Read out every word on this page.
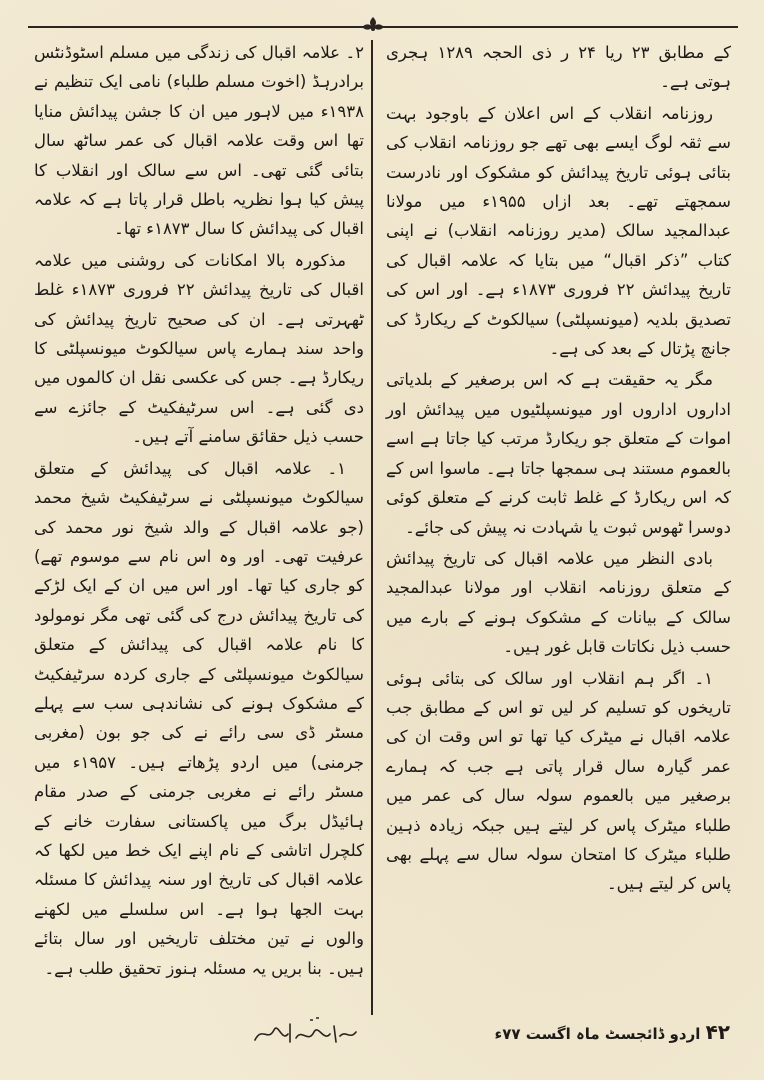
کے مطابق ۲۳ ریا ۲۴ ر ذی الحجہ ۱۲۸۹ ہجری ہوتی ہے۔

روزنامہ انقلاب کے اس اعلان کے باوجود بہت سے ثقہ لوگ ایسے بھی تھے جو روزنامہ انقلاب کی بتائی ہوئی تاریخ پیدائش کو مشکوک اور نادرست سمجھتے تھے۔ بعد ازاں ۱۹۵۵ء میں مولانا عبدالمجید سالک (مدیر روزنامہ انقلاب) نے اپنی کتاب ”ذکر اقبال“ میں بتایا کہ علامہ اقبال کی تاریخ پیدائش ۲۲ فروری ۱۸۷۳ء ہے۔ اور اس کی تصدیق بلدیہ (میونسپلٹی) سیالکوٹ کے ریکارڈ کی جانچ پڑتال کے بعد کی ہے۔

مگر یہ حقیقت ہے کہ اس برصغیر کے بلدیاتی اداروں اداروں اور میونسپلٹیوں میں پیدائش اور اموات کے متعلق جو ریکارڈ مرتب کیا جاتا ہے اسے بالعموم مستند ہی سمجھا جاتا ہے۔ ماسوا اس کے کہ اس ریکارڈ کے غلط ثابت کرنے کے متعلق کوئی دوسرا ٹھوس ثبوت یا شہادت نہ پیش کی جائے۔

بادی النظر میں علامہ اقبال کی تاریخ پیدائش کے متعلق روزنامہ انقلاب اور مولانا عبدالمجید سالک کے بیانات کے مشکوک ہونے کے بارے میں حسب ذیل نکاتات قابل غور ہیں۔

۱۔ اگر ہم انقلاب اور سالک کی بتائی ہوئی تاریخوں کو تسلیم کر لیں تو اس کے مطابق جب علامہ اقبال نے میٹرک کیا تھا تو اس وقت ان کی عمر گیارہ سال قرار پاتی ہے جب کہ ہمارے برصغیر میں بالعموم سولہ سال کی عمر میں طلباء میٹرک پاس کر لیتے ہیں جبکہ زیادہ ذہین طلباء میٹرک کا امتحان سولہ سال سے پہلے بھی پاس کر لیتے ہیں۔

۲۔ علامہ اقبال کی زندگی میں مسلم اسٹوڈنٹس برادرہڈ (اخوت مسلم طلباء) نامی ایک تنظیم نے ۱۹۳۸ء میں لاہور میں ان کا جشن پیدائش منایا تھا اس وقت علامہ اقبال کی عمر ساٹھ سال بتائی گئی تھی۔ اس سے سالک اور انقلاب کا پیش کیا ہوا نظریہ باطل قرار پاتا ہے کہ علامہ اقبال کی پیدائش کا سال ۱۸۷۳ء تھا۔

مذکورہ بالا امکانات کی روشنی میں علامہ اقبال کی تاریخ پیدائش ۲۲ فروری ۱۸۷۳ء غلط ٹھہرتی ہے۔ ان کی صحیح تاریخ پیدائش کی واحد سند ہمارے پاس سیالکوٹ میونسپلٹی کا ریکارڈ ہے۔ جس کی عکسی نقل ان کالموں میں دی گئی ہے۔ اس سرٹیفکیٹ کے جائزے سے حسب ذیل حقائق سامنے آتے ہیں۔

۱۔ علامہ اقبال کی پیدائش کے متعلق سیالکوٹ میونسپلٹی نے سرٹیفکیٹ شیخ محمد (جو علامہ اقبال کے والد شیخ نور محمد کی عرفیت تھی۔ اور وہ اس نام سے موسوم تھے) کو جاری کیا تھا۔ اور اس میں ان کے ایک لڑکے کی تاریخ پیدائش درج کی گئی تھی مگر نومولود کا نام علامہ اقبال کی پیدائش کے متعلق سیالکوٹ میونسپلٹی کے جاری کردہ سرٹیفکیٹ کے مشکوک ہونے کی نشاندہی سب سے پہلے مسٹر ڈی سی رائے نے کی جو بون (مغربی جرمنی) میں اردو پڑھاتے ہیں۔ ۱۹۵۷ء میں مسٹر رائے نے مغربی جرمنی کے صدر مقام ہائیڈل برگ میں پاکستانی سفارت خانے کے کلچرل اتاشی کے نام اپنے ایک خط میں لکھا کہ علامہ اقبال کی تاریخ اور سنہ پیدائش کا مسئلہ بہت الجھا ہوا ہے۔ اس سلسلے میں لکھنے والوں نے تین مختلف تاریخیں اور سال بتائے ہیں۔ بنا بریں یہ مسئلہ ہنوز تحقیق طلب ہے۔

۴۲ اردو ڈائجسٹ ماہ اگست ۷۷ء
